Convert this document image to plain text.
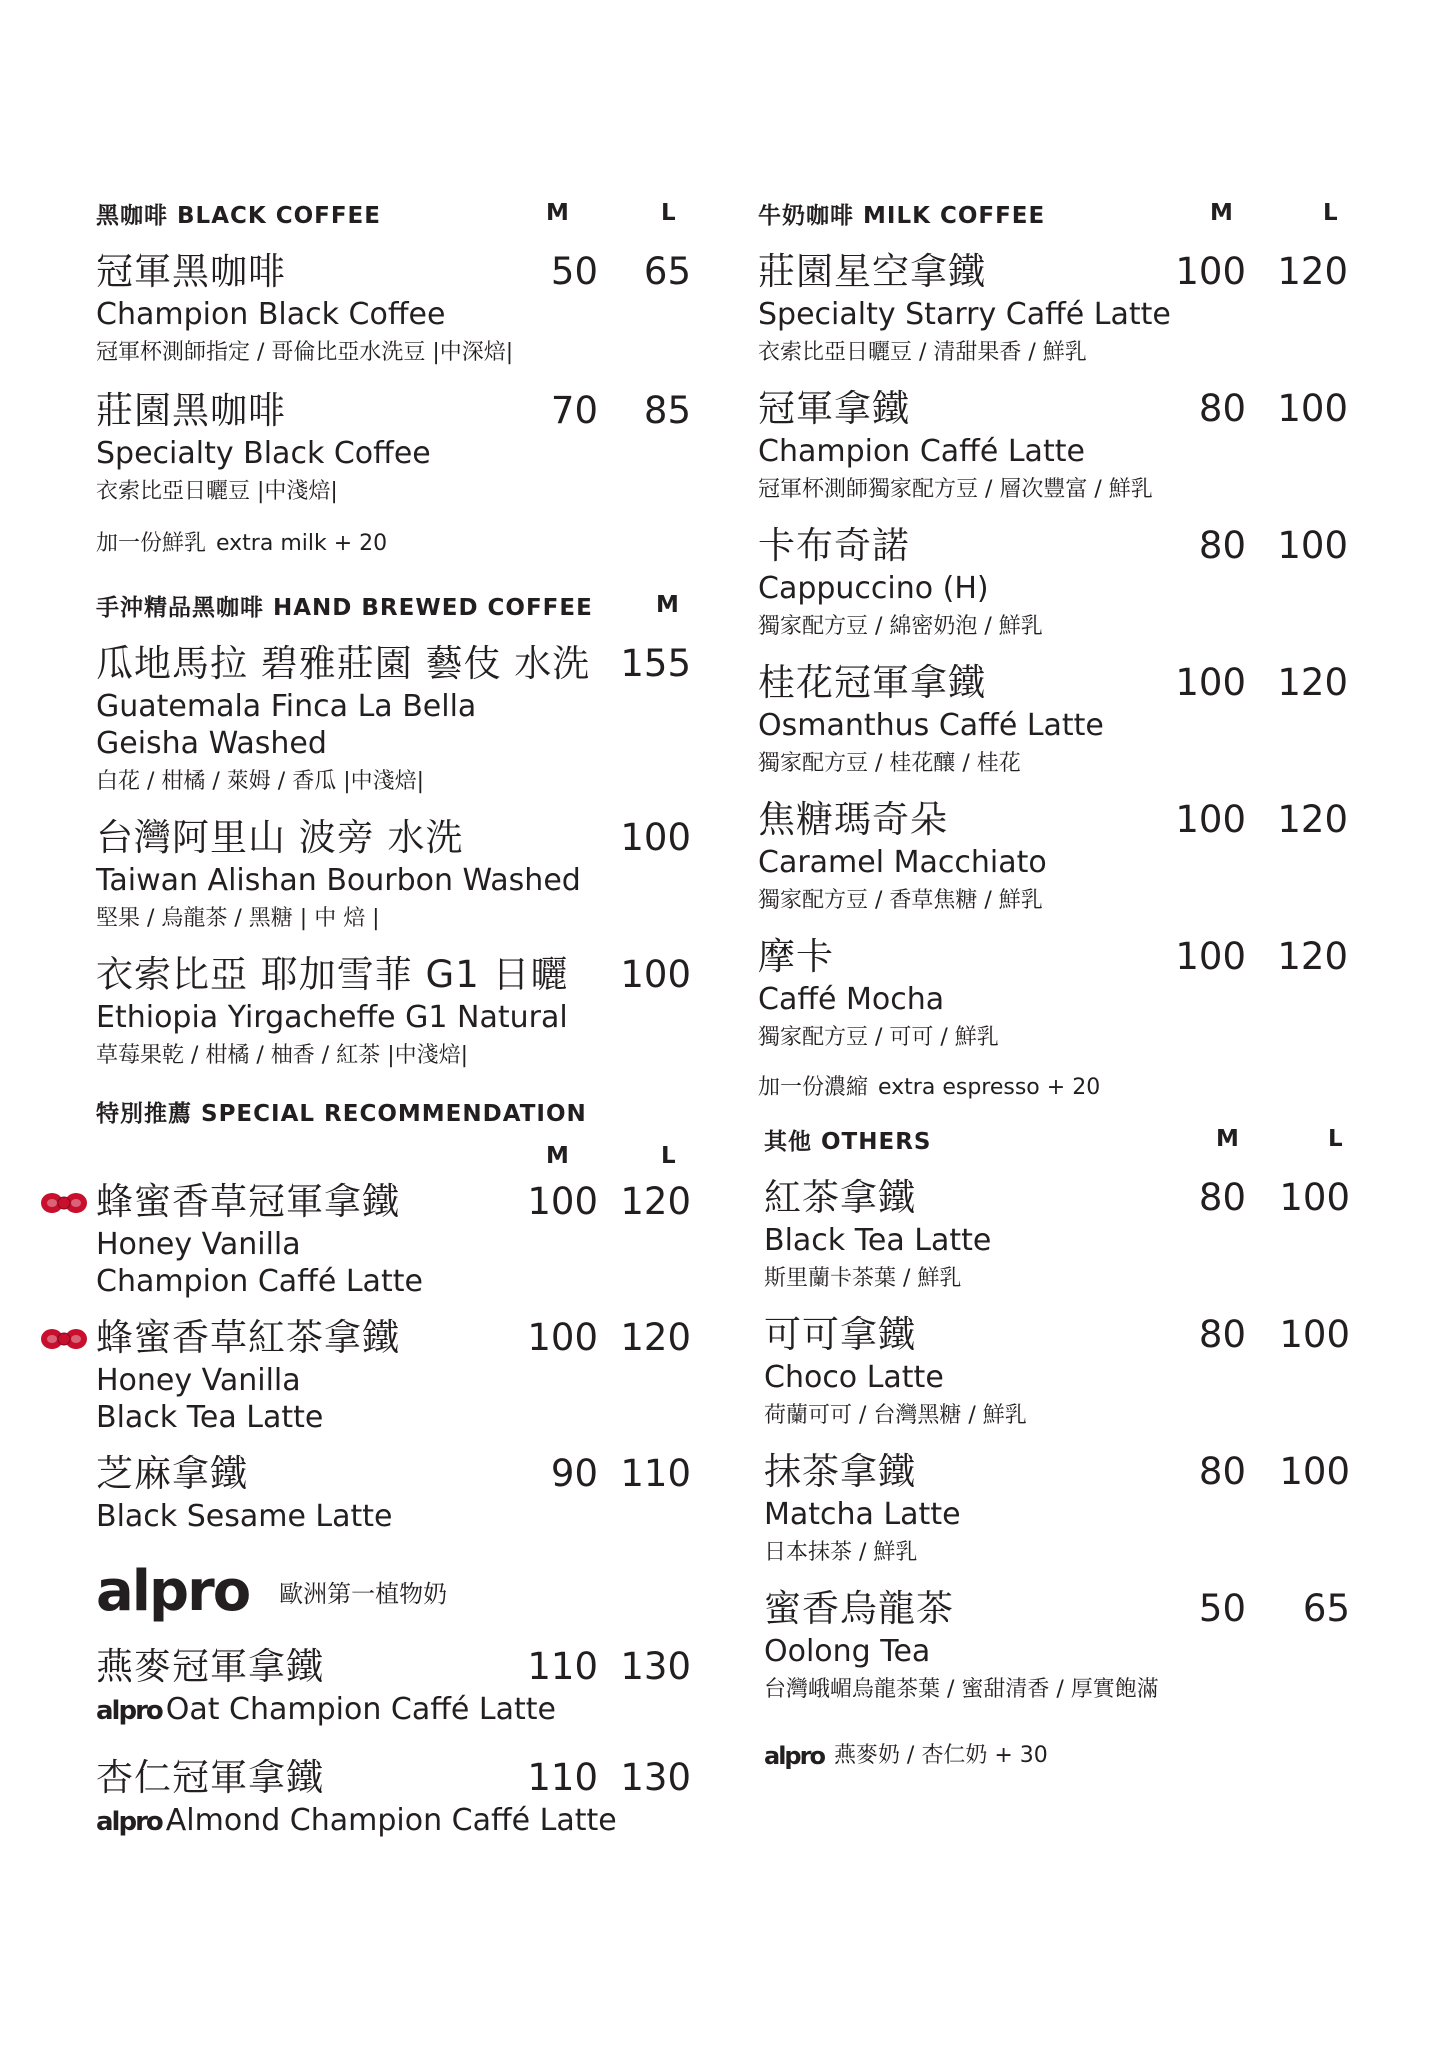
黑咖啡 BLACK COFFEE	M	L
冠軍黑咖啡
Champion Black Coffee
冠軍杯測師指定 / 哥倫比亞水洗豆 |中深焙|
50	65
莊園黑咖啡
Specialty Black Coffee
衣索比亞日曬豆 |中淺焙|
70	85
加一份鮮乳 extra milk + 20
手沖精品黑咖啡 HAND BREWED COFFEE	M
瓜地馬拉 碧雅莊園 藝伎 水洗
Guatemala Finca La Bella
Geisha Washed
白花 / 柑橘 / 萊姆 / 香瓜 |中淺焙|
155
台灣阿里山 波旁 水洗
Taiwan Alishan Bourbon Washed
堅果 / 烏龍茶 / 黑糖 | 中 焙 |
100
衣索比亞 耶加雪菲 G1 日曬
Ethiopia Yirgacheffe G1 Natural
草莓果乾 / 柑橘 / 柚香 / 紅茶 |中淺焙|
100
特別推薦 SPECIAL RECOMMENDATION
M	L
蜂蜜香草冠軍拿鐵
Honey Vanilla
Champion Caffé Latte
100 120
蜂蜜香草紅茶拿鐵
Honey Vanilla
Black Tea Latte
100 120
芝麻拿鐵
Black Sesame Latte
90 110
alpro 歐洲第一植物奶
燕麥冠軍拿鐵
alpro Oat Champion Caffé Latte
110 130
杏仁冠軍拿鐵
alpro Almond Champion Caffé Latte
110 130
牛奶咖啡 MILK COFFEE	M	L
莊園星空拿鐵
Specialty Starry Caffé Latte
衣索比亞日曬豆 / 清甜果香 / 鮮乳
100 120
冠軍拿鐵
Champion Caffé Latte
冠軍杯測師獨家配方豆 / 層次豐富 / 鮮乳
80 100
卡布奇諾
Cappuccino (H)
獨家配方豆 / 綿密奶泡 / 鮮乳
80 100
桂花冠軍拿鐵
Osmanthus Caffé Latte
獨家配方豆 / 桂花釀 / 桂花
100 120
焦糖瑪奇朵
Caramel Macchiato
獨家配方豆 / 香草焦糖 / 鮮乳
100 120
摩卡
Caffé Mocha
獨家配方豆 / 可可 / 鮮乳
100 120
加一份濃縮 extra espresso + 20
其他 OTHERS	M	L
紅茶拿鐵
Black Tea Latte
斯里蘭卡茶葉 / 鮮乳
80 100
可可拿鐵
Choco Latte
荷蘭可可 / 台灣黑糖 / 鮮乳
80 100
抹茶拿鐵
Matcha Latte
日本抹茶 / 鮮乳
80 100
蜜香烏龍茶
Oolong Tea
台灣峨嵋烏龍茶葉 / 蜜甜清香 / 厚實飽滿
50	65
alpro 燕麥奶 / 杏仁奶 + 30
